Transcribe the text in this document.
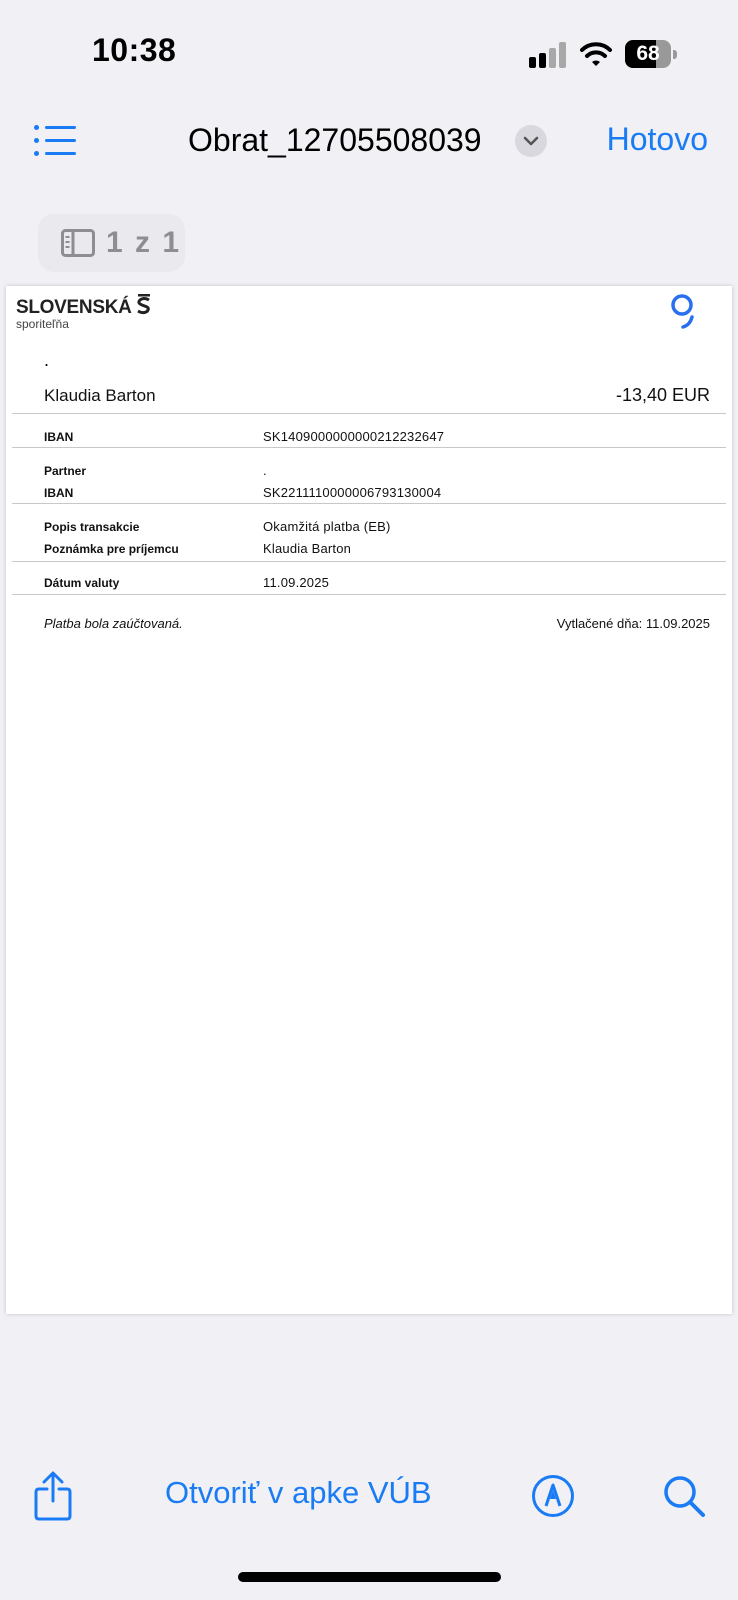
10:38	68
Obrat_12705508039	Hotovo
1 z 1
SLOVENSKÁ
sporiteľňa
.
Klaudia Barton	-13,40 EUR
IBAN	SK1409000000000212232647
Partner	.
IBAN	SK2211110000006793130004
Popis transakcie	Okamžitá platba (EB)
Poznámka pre príjemcu	Klaudia Barton
Dátum valuty	11.09.2025
Platba bola zaúčtovaná.	Vytlačené dňa: 11.09.2025
Otvoriť v apke VÚB
